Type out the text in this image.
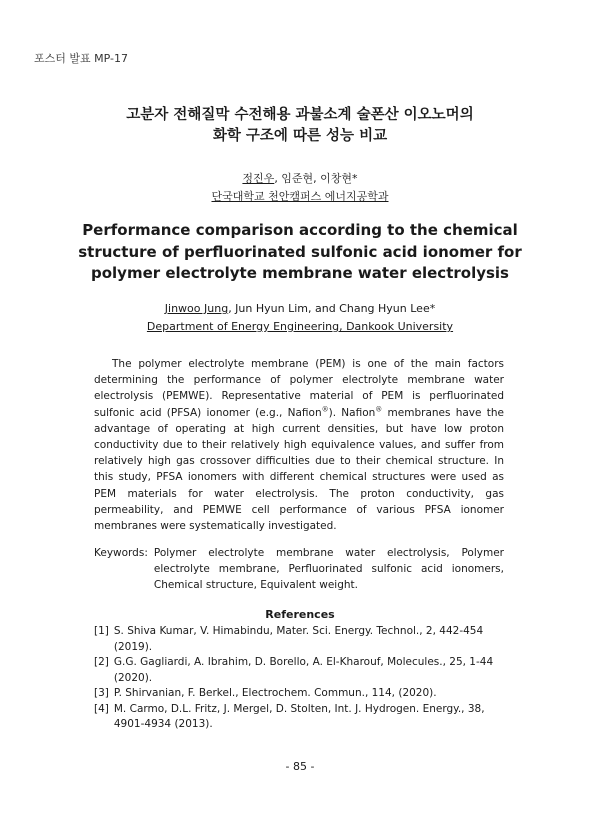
포스터 발표 MP-17
고분자 전해질막 수전해용 과불소계 술폰산 이오노머의
화학 구조에 따른 성능 비교
정진우, 임준현, 이창현*
단국대학교 천안캠퍼스 에너지공학과
Performance comparison according to the chemical
structure of perfluorinated sulfonic acid ionomer for
polymer electrolyte membrane water electrolysis
Jinwoo Jung, Jun Hyun Lim, and Chang Hyun Lee*
Department of Energy Engineering, Dankook University

The polymer electrolyte membrane (PEM) is one of the main factors determining the performance of polymer electrolyte membrane water electrolysis (PEMWE). Representative material of PEM is perfluorinated sulfonic acid (PFSA) ionomer (e.g., Nafion®). Nafion® membranes have the advantage of operating at high current densities, but have low proton conductivity due to their relatively high equivalence values, and suffer from relatively high gas crossover difficulties due to their chemical structure. In this study, PFSA ionomers with different chemical structures were used as PEM materials for water electrolysis. The proton conductivity, gas permeability, and PEMWE cell performance of various PFSA ionomer membranes were systematically investigated.

Keywords: Polymer electrolyte membrane water electrolysis, Polymer electrolyte membrane, Perfluorinated sulfonic acid ionomers, Chemical structure, Equivalent weight.
References
[1] S. Shiva Kumar, V. Himabindu, Mater. Sci. Energy. Technol., 2, 442-454 (2019).
[2] G.G. Gagliardi, A. Ibrahim, D. Borello, A. El-Kharouf, Molecules., 25, 1-44 (2020).
[3] P. Shirvanian, F. Berkel., Electrochem. Commun., 114, (2020).
[4] M. Carmo, D.L. Fritz, J. Mergel, D. Stolten, Int. J. Hydrogen. Energy., 38, 4901-4934 (2013).
- 85 -
